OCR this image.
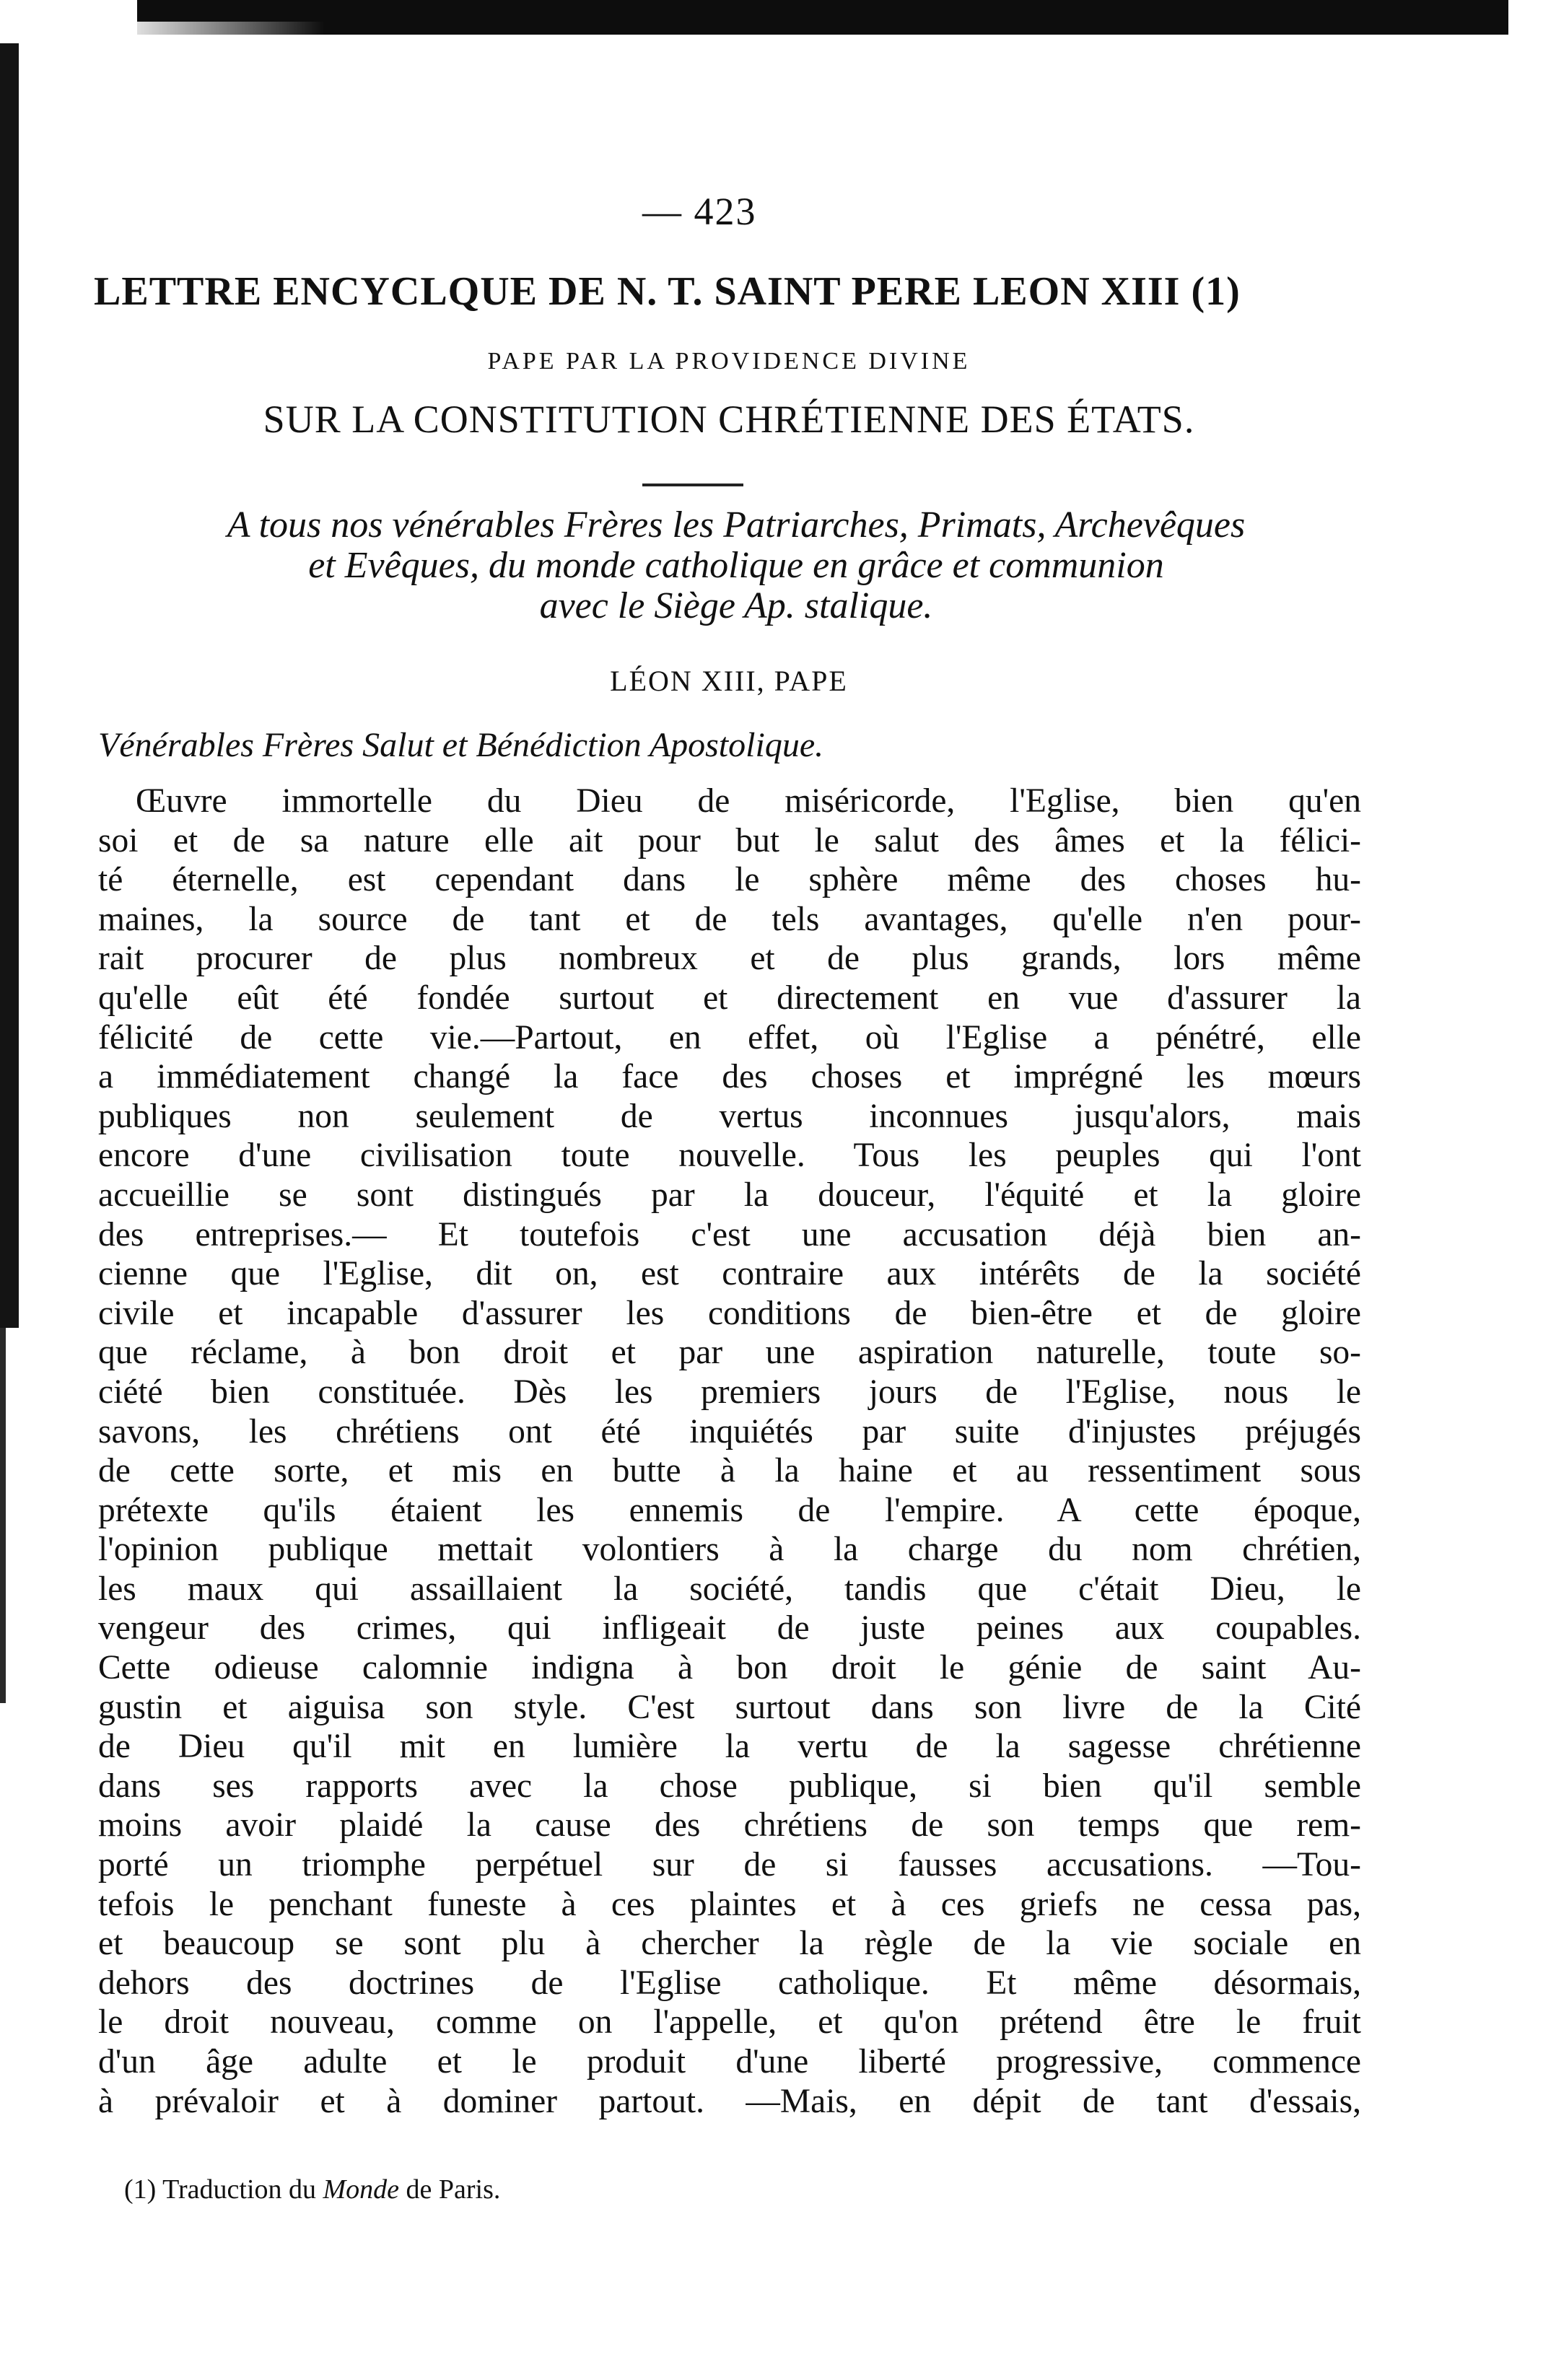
— 423
LETTRE ENCYCLQUE DE N. T. SAINT PERE LEON XIII (1)
PAPE PAR LA PROVIDENCE DIVINE
SUR LA CONSTITUTION CHRÉTIENNE DES ÉTATS.
A tous nos vénérables Frères les Patriarches, Primats, Archevêques
et Evêques, du monde catholique en grâce et communion
avec le Siège Ap. stalique.
LÉON XIII, PAPE
Vénérables Frères Salut et Bénédiction Apostolique.
Œuvre immortelle du Dieu de miséricorde, l'Eglise, bien qu'en
soi et de sa nature elle ait pour but le salut des âmes et la félici-
té éternelle, est cependant dans le sphère même des choses hu-
maines, la source de tant et de tels avantages, qu'elle n'en pour-
rait procurer de plus nombreux et de plus grands, lors même
qu'elle eût été fondée surtout et directement en vue d'assurer la
félicité de cette vie.—Partout, en effet, où l'Eglise a pénétré, elle
a immédiatement changé la face des choses et imprégné les mœurs
publiques non seulement de vertus inconnues jusqu'alors, mais
encore d'une civilisation toute nouvelle. Tous les peuples qui l'ont
accueillie se sont distingués par la douceur, l'équité et la gloire
des entreprises.— Et toutefois c'est une accusation déjà bien an-
cienne que l'Eglise, dit on, est contraire aux intérêts de la société
civile et incapable d'assurer les conditions de bien-être et de gloire
que réclame, à bon droit et par une aspiration naturelle, toute so-
ciété bien constituée. Dès les premiers jours de l'Eglise, nous le
savons, les chrétiens ont été inquiétés par suite d'injustes préjugés
de cette sorte, et mis en butte à la haine et au ressentiment sous
prétexte qu'ils étaient les ennemis de l'empire. A cette époque,
l'opinion publique mettait volontiers à la charge du nom chrétien,
les maux qui assaillaient la société, tandis que c'était Dieu, le
vengeur des crimes, qui infligeait de juste peines aux coupables.
Cette odieuse calomnie indigna à bon droit le génie de saint Au-
gustin et aiguisa son style. C'est surtout dans son livre de la Cité
de Dieu qu'il mit en lumière la vertu de la sagesse chrétienne
dans ses rapports avec la chose publique, si bien qu'il semble
moins avoir plaidé la cause des chrétiens de son temps que rem-
porté un triomphe perpétuel sur de si fausses accusations. —Tou-
tefois le penchant funeste à ces plaintes et à ces griefs ne cessa pas,
et beaucoup se sont plu à chercher la règle de la vie sociale en
dehors des doctrines de l'Eglise catholique. Et même désormais,
le droit nouveau, comme on l'appelle, et qu'on prétend être le fruit
d'un âge adulte et le produit d'une liberté progressive, commence
à prévaloir et à dominer partout. —Mais, en dépit de tant d'essais,
(1) Traduction du Monde de Paris.
